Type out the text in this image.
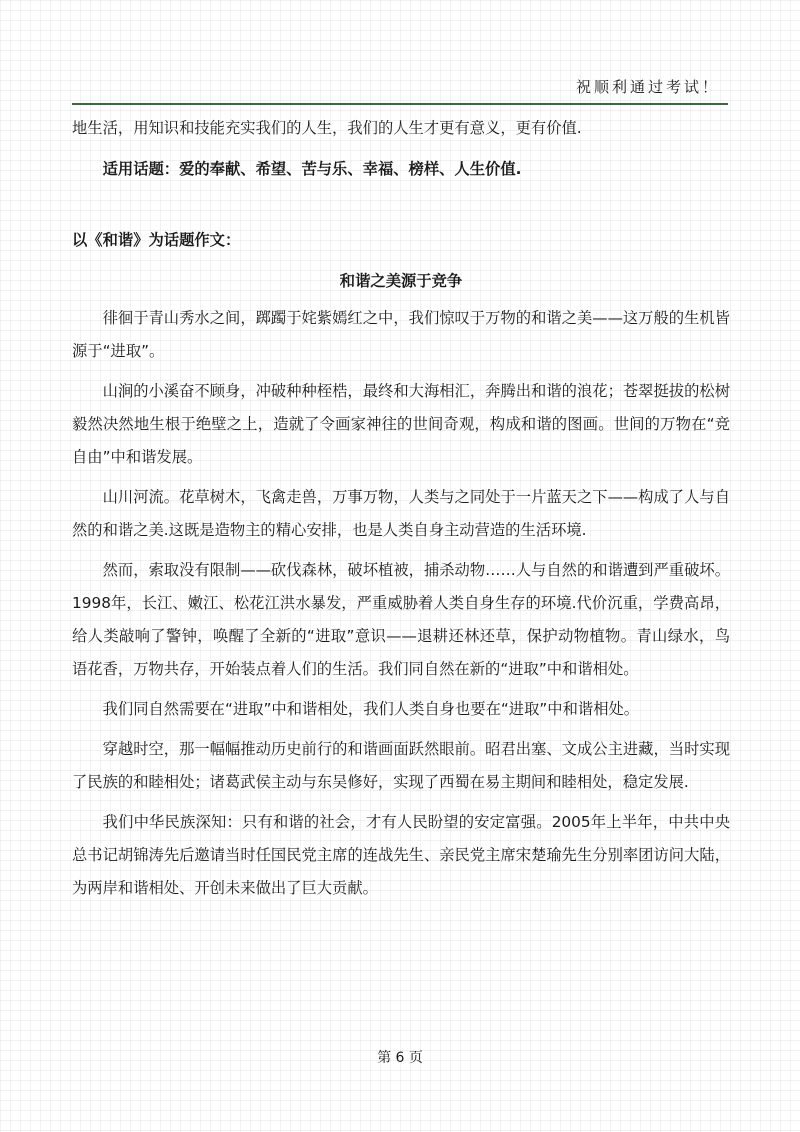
祝顺利通过考试！

地生活，用知识和技能充实我们的人生，我们的人生才更有意义，更有价值.

适用话题：爱的奉献、希望、苦与乐、幸福、榜样、人生价值.

以《和谐》为话题作文：

和谐之美源于竞争

徘徊于青山秀水之间，踯躅于姹紫嫣红之中，我们惊叹于万物的和谐之美——这万般的生机皆源于“进取”。

山涧的小溪奋不顾身，冲破种种桎梏，最终和大海相汇，奔腾出和谐的浪花；苍翠挺拔的松树毅然决然地生根于绝壁之上，造就了令画家神往的世间奇观，构成和谐的图画。世间的万物在“竞自由”中和谐发展。

山川河流。花草树木，飞禽走兽，万事万物，人类与之同处于一片蓝天之下——构成了人与自然的和谐之美.这既是造物主的精心安排，也是人类自身主动营造的生活环境.

然而，索取没有限制——砍伐森林，破坏植被，捕杀动物……人与自然的和谐遭到严重破坏。1998年，长江、嫩江、松花江洪水暴发，严重威胁着人类自身生存的环境.代价沉重，学费高昂，给人类敲响了警钟，唤醒了全新的“进取”意识——退耕还林还草，保护动物植物。青山绿水，鸟语花香，万物共存，开始装点着人们的生活。我们同自然在新的“进取”中和谐相处。

我们同自然需要在“进取”中和谐相处，我们人类自身也要在“进取”中和谐相处。

穿越时空，那一幅幅推动历史前行的和谐画面跃然眼前。昭君出塞、文成公主进藏，当时实现了民族的和睦相处；诸葛武侯主动与东吴修好，实现了西蜀在易主期间和睦相处，稳定发展.

我们中华民族深知：只有和谐的社会，才有人民盼望的安定富强。2005年上半年，中共中央总书记胡锦涛先后邀请当时任国民党主席的连战先生、亲民党主席宋楚瑜先生分别率团访问大陆，为两岸和谐相处、开创未来做出了巨大贡献。

第 6 页
